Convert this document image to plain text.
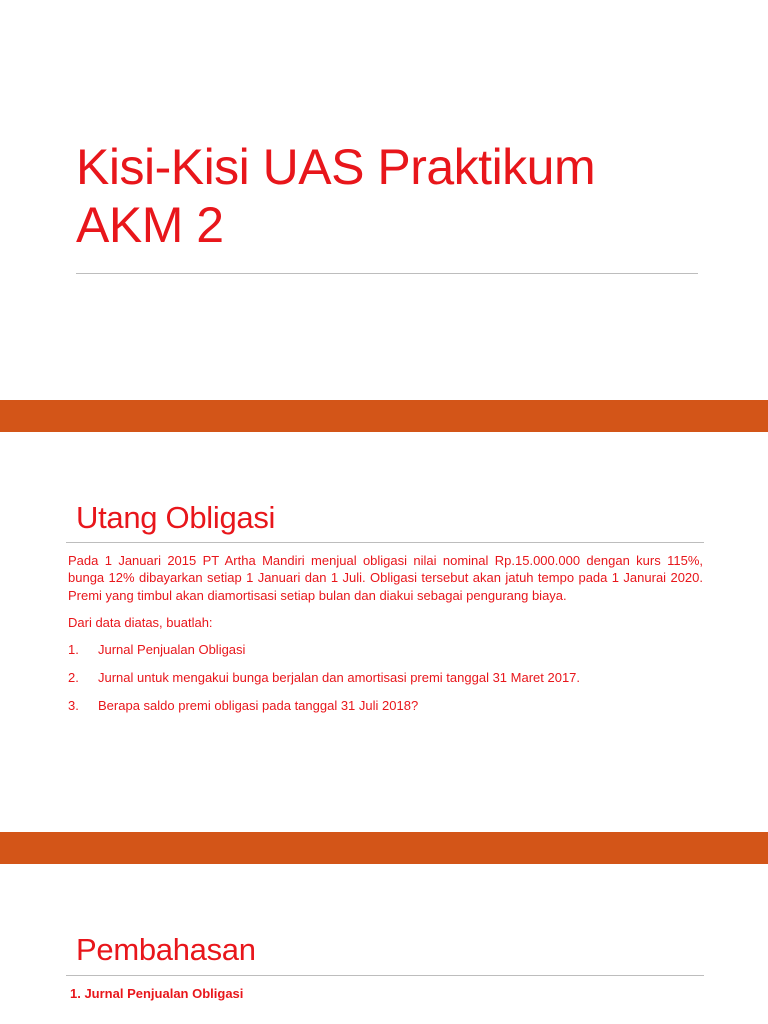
Kisi-Kisi UAS Praktikum
AKM 2
Utang Obligasi

Pada 1 Januari 2015 PT Artha Mandiri menjual obligasi nilai nominal Rp.15.000.000 dengan kurs 115%, bunga 12% dibayarkan setiap 1 Januari dan 1 Juli. Obligasi tersebut akan jatuh tempo pada 1 Janurai 2020. Premi yang timbul akan diamortisasi setiap bulan dan diakui sebagai pengurang biaya.

Dari data diatas, buatlah:

1.	Jurnal Penjualan Obligasi
2.	Jurnal untuk mengakui bunga berjalan dan amortisasi premi tanggal 31 Maret 2017.
3.	Berapa saldo premi obligasi pada tanggal 31 Juli 2018?
Pembahasan

1. Jurnal Penjualan Obligasi
